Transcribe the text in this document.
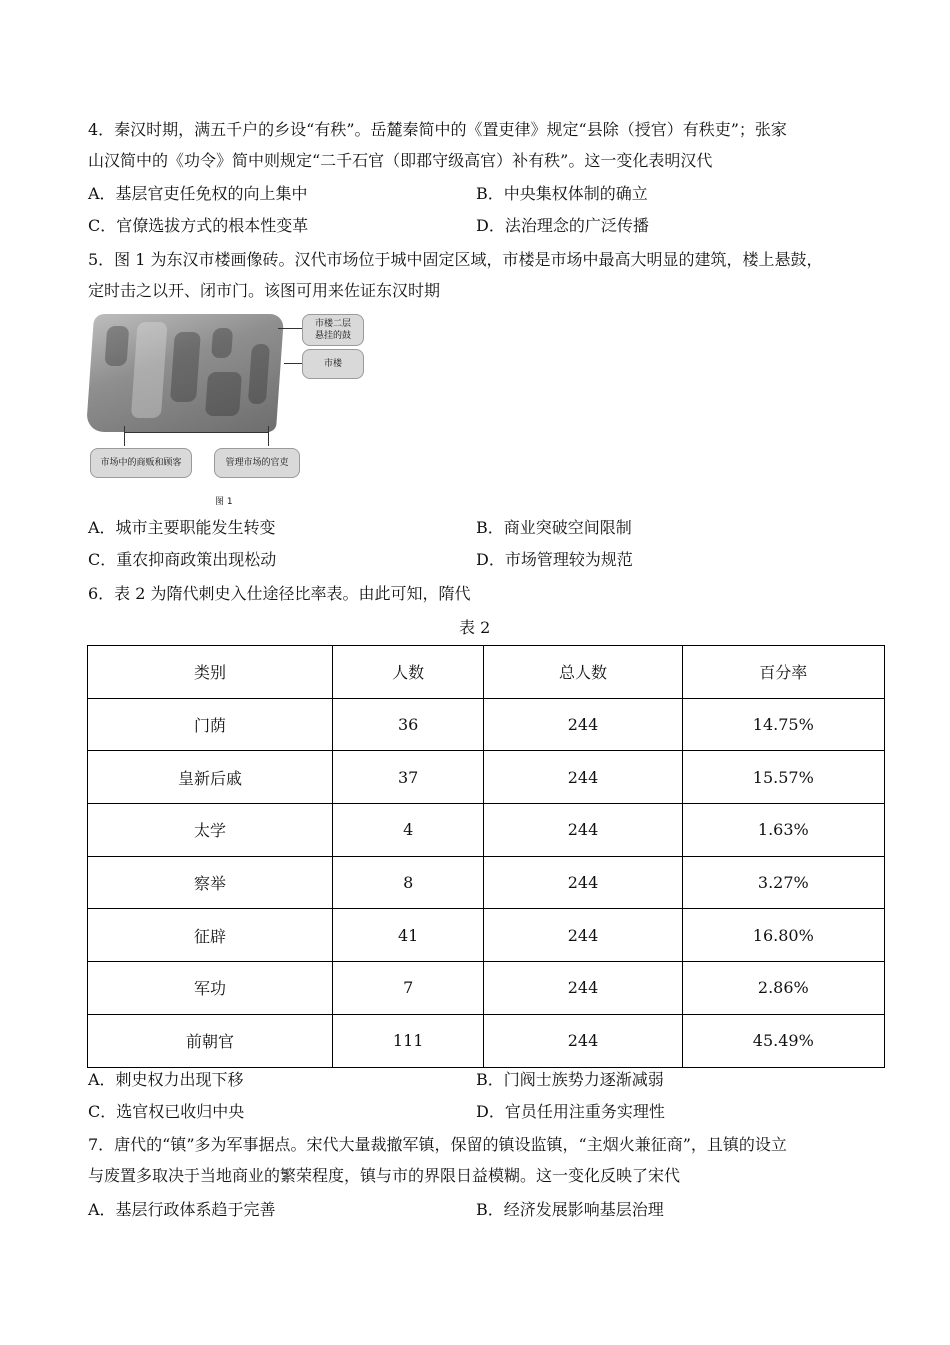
4．秦汉时期，满五千户的乡设“有秩”。岳麓秦简中的《置吏律》规定“县除（授官）有秩吏”；张家
山汉简中的《功令》简中则规定“二千石官（即郡守级高官）补有秩”。这一变化表明汉代
A．基层官吏任免权的向上集中	B．中央集权体制的确立
C．官僚选拔方式的根本性变革	D．法治理念的广泛传播
5．图 1 为东汉市楼画像砖。汉代市场位于城中固定区域，市楼是市场中最高大明显的建筑，楼上悬鼓，
定时击之以开、闭市门。该图可用来佐证东汉时期
市楼二层
悬挂的鼓
市楼
市场中的商贩和顾客	管理市场的官吏
图 1
A．城市主要职能发生转变	B．商业突破空间限制
C．重农抑商政策出现松动	D．市场管理较为规范
6．表 2 为隋代刺史入仕途径比率表。由此可知，隋代
表 2
类别	人数	总人数	百分率
门荫	36	244	14.75%
皇新后戚	37	244	15.57%
太学	4	244	1.63%
察举	8	244	3.27%
征辟	41	244	16.80%
军功	7	244	2.86%
前朝官	111	244	45.49%
A．刺史权力出现下移	B．门阀士族势力逐渐减弱
C．选官权已收归中央	D．官员任用注重务实理性
7．唐代的“镇”多为军事据点。宋代大量裁撤军镇，保留的镇设监镇，“主烟火兼征商”，且镇的设立
与废置多取决于当地商业的繁荣程度，镇与市的界限日益模糊。这一变化反映了宋代
A．基层行政体系趋于完善	B．经济发展影响基层治理
